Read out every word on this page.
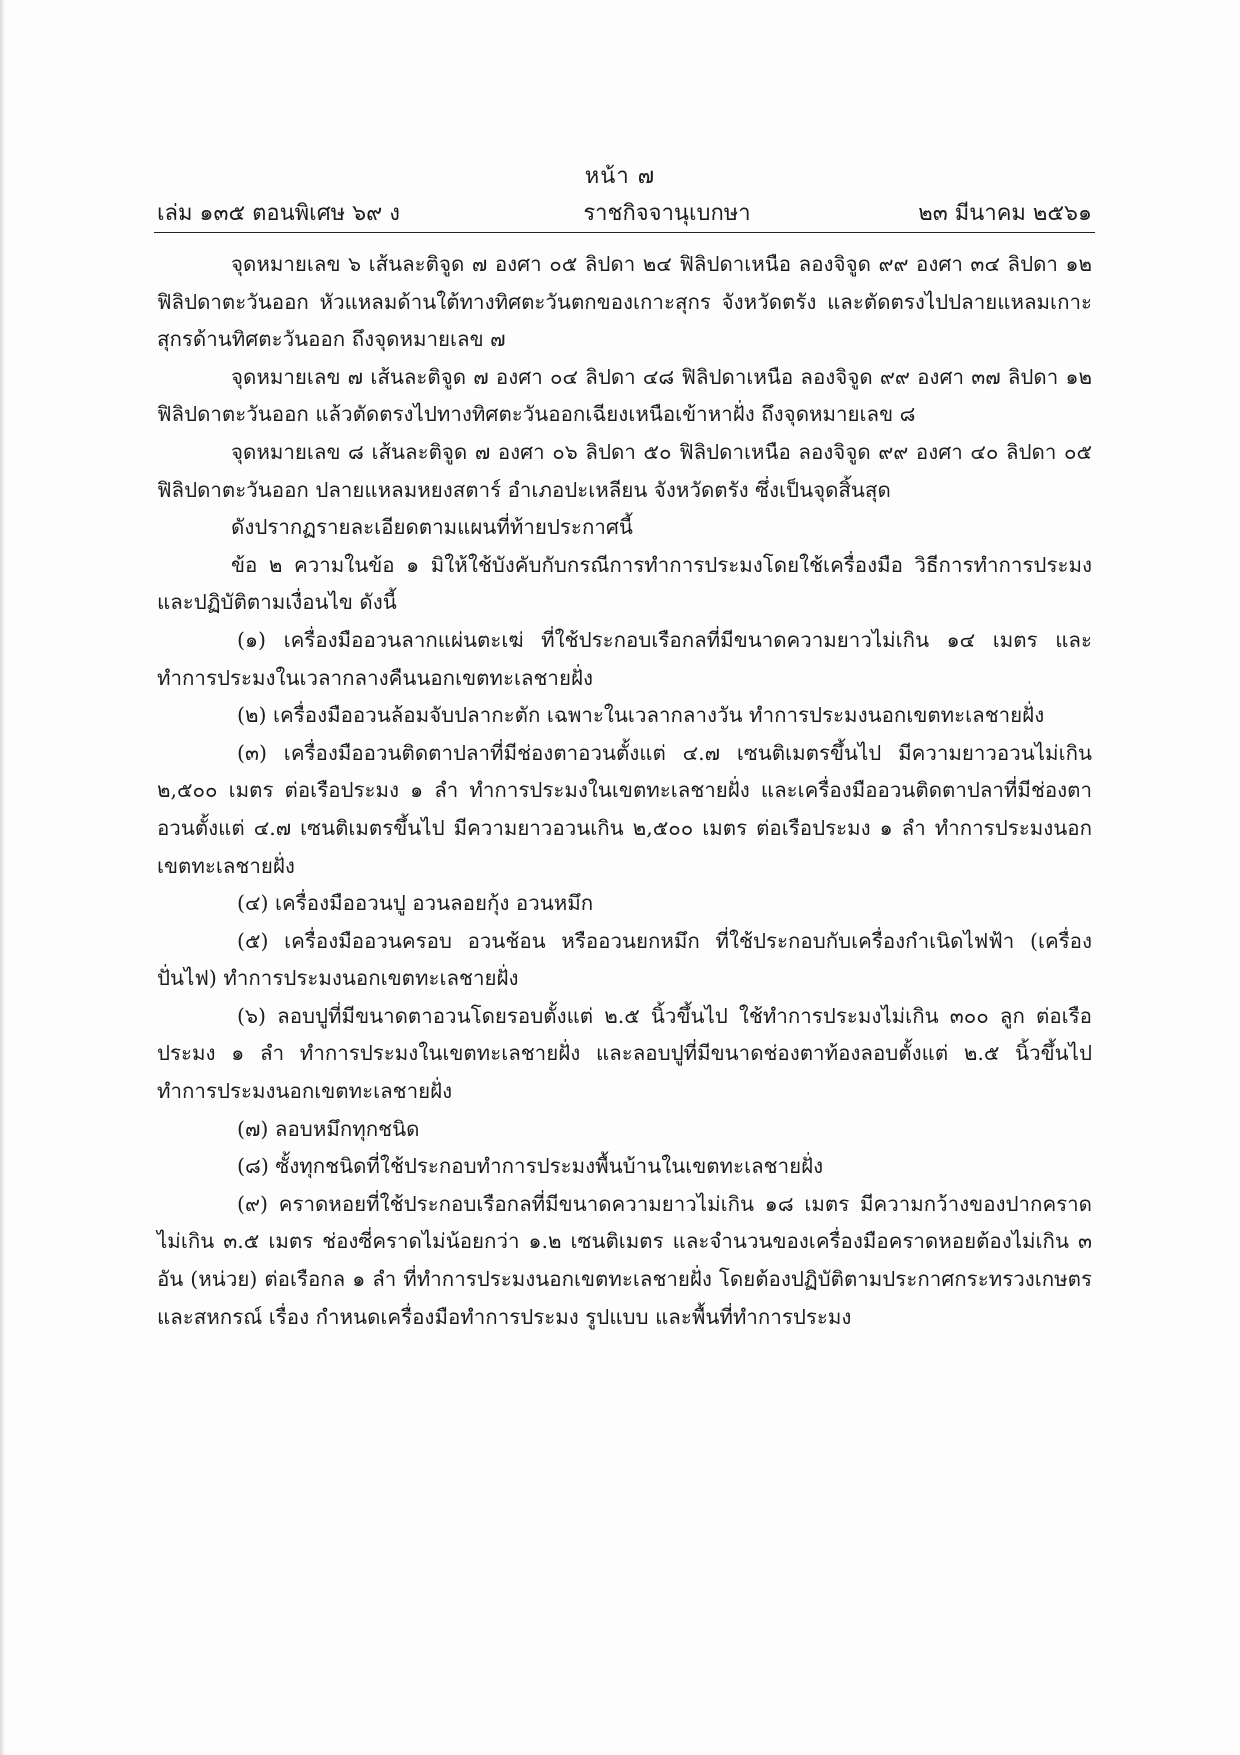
หน้า ๗
เล่ม ๑๓๕ ตอนพิเศษ ๖๙ ง	ราชกิจจานุเบกษา	๒๓ มีนาคม ๒๕๖๑

จุดหมายเลข ๖ เส้นละติจูด ๗ องศา ๐๕ ลิปดา ๒๔ ฟิลิปดาเหนือ ลองจิจูด ๙๙ องศา ๓๔ ลิปดา ๑๒ ฟิลิปดาตะวันออก หัวแหลมด้านใต้ทางทิศตะวันตกของเกาะสุกร จังหวัดตรัง และตัดตรงไปปลายแหลมเกาะสุกรด้านทิศตะวันออก ถึงจุดหมายเลข ๗

จุดหมายเลข ๗ เส้นละติจูด ๗ องศา ๐๔ ลิปดา ๔๘ ฟิลิปดาเหนือ ลองจิจูด ๙๙ องศา ๓๗ ลิปดา ๑๒ ฟิลิปดาตะวันออก แล้วตัดตรงไปทางทิศตะวันออกเฉียงเหนือเข้าหาฝั่ง ถึงจุดหมายเลข ๘

จุดหมายเลข ๘ เส้นละติจูด ๗ องศา ๐๖ ลิปดา ๕๐ ฟิลิปดาเหนือ ลองจิจูด ๙๙ องศา ๔๐ ลิปดา ๐๕ ฟิลิปดาตะวันออก ปลายแหลมหยงสตาร์ อำเภอปะเหลียน จังหวัดตรัง ซึ่งเป็นจุดสิ้นสุด

ดังปรากฏรายละเอียดตามแผนที่ท้ายประกาศนี้

ข้อ ๒ ความในข้อ ๑ มิให้ใช้บังคับกับกรณีการทำการประมงโดยใช้เครื่องมือ วิธีการทำการประมง และปฏิบัติตามเงื่อนไข ดังนี้

(๑) เครื่องมืออวนลากแผ่นตะเฆ่ ที่ใช้ประกอบเรือกลที่มีขนาดความยาวไม่เกิน ๑๔ เมตร และทำการประมงในเวลากลางคืนนอกเขตทะเลชายฝั่ง

(๒) เครื่องมืออวนล้อมจับปลากะตัก เฉพาะในเวลากลางวัน ทำการประมงนอกเขตทะเลชายฝั่ง

(๓) เครื่องมืออวนติดตาปลาที่มีช่องตาอวนตั้งแต่ ๔.๗ เซนติเมตรขึ้นไป มีความยาวอวนไม่เกิน ๒,๕๐๐ เมตร ต่อเรือประมง ๑ ลำ ทำการประมงในเขตทะเลชายฝั่ง และเครื่องมืออวนติดตาปลาที่มีช่องตาอวนตั้งแต่ ๔.๗ เซนติเมตรขึ้นไป มีความยาวอวนเกิน ๒,๕๐๐ เมตร ต่อเรือประมง ๑ ลำ ทำการประมงนอกเขตทะเลชายฝั่ง

(๔) เครื่องมืออวนปู อวนลอยกุ้ง อวนหมึก

(๕) เครื่องมืออวนครอบ อวนช้อน หรืออวนยกหมึก ที่ใช้ประกอบกับเครื่องกำเนิดไฟฟ้า (เครื่องปั่นไฟ) ทำการประมงนอกเขตทะเลชายฝั่ง

(๖) ลอบปูที่มีขนาดตาอวนโดยรอบตั้งแต่ ๒.๕ นิ้วขึ้นไป ใช้ทำการประมงไม่เกิน ๓๐๐ ลูก ต่อเรือประมง ๑ ลำ ทำการประมงในเขตทะเลชายฝั่ง และลอบปูที่มีขนาดช่องตาท้องลอบตั้งแต่ ๒.๕ นิ้วขึ้นไป ทำการประมงนอกเขตทะเลชายฝั่ง

(๗) ลอบหมึกทุกชนิด

(๘) ซั้งทุกชนิดที่ใช้ประกอบทำการประมงพื้นบ้านในเขตทะเลชายฝั่ง

(๙) คราดหอยที่ใช้ประกอบเรือกลที่มีขนาดความยาวไม่เกิน ๑๘ เมตร มีความกว้างของปากคราดไม่เกิน ๓.๕ เมตร ช่องซี่คราดไม่น้อยกว่า ๑.๒ เซนติเมตร และจำนวนของเครื่องมือคราดหอยต้องไม่เกิน ๓ อัน (หน่วย) ต่อเรือกล ๑ ลำ ที่ทำการประมงนอกเขตทะเลชายฝั่ง โดยต้องปฏิบัติตามประกาศกระทรวงเกษตรและสหกรณ์ เรื่อง กำหนดเครื่องมือทำการประมง รูปแบบ และพื้นที่ทำการประมง
